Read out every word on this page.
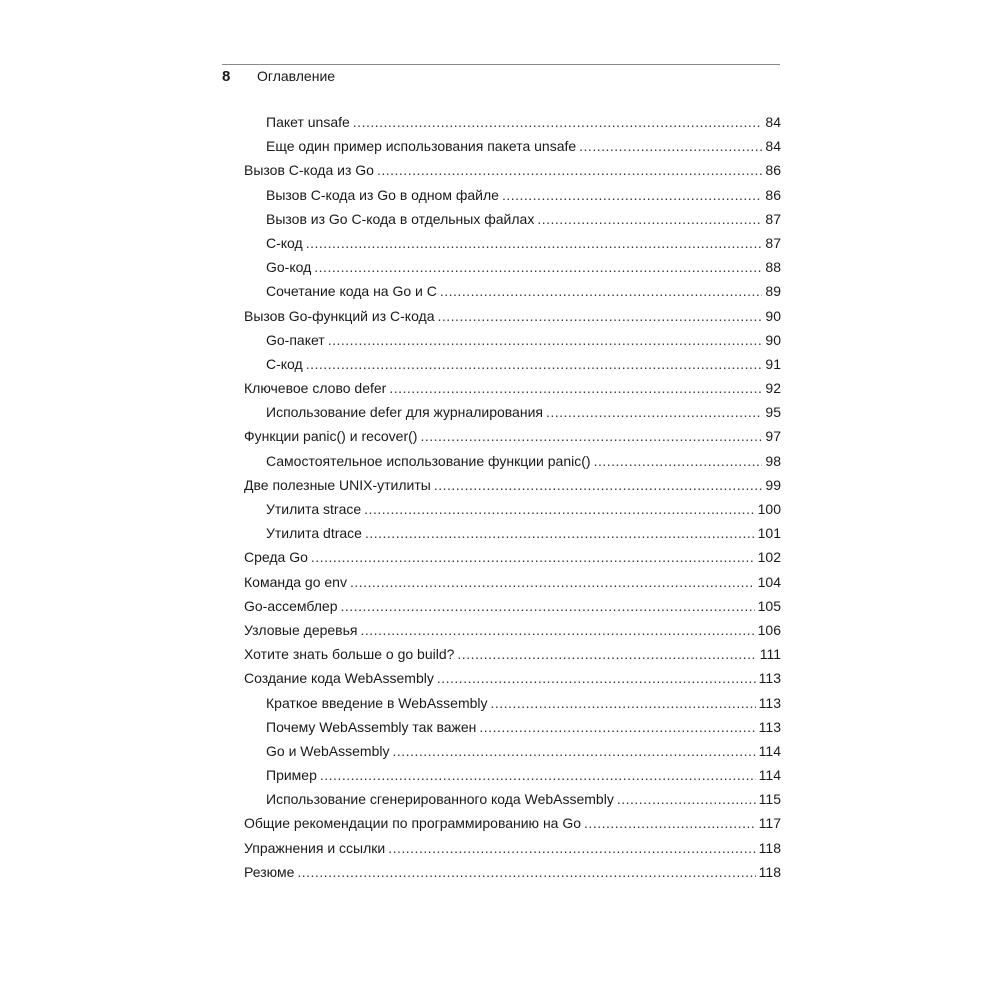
8 Оглавление
Пакет unsafe .....	84
Еще один пример использования пакета unsafe .....	84
Вызов C-кода из Go .....	86
Вызов C-кода из Go в одном файле .....	86
Вызов из Go C-кода в отдельных файлах .....	87
C-код .....	87
Go-код .....	88
Сочетание кода на Go и C .....	89
Вызов Go-функций из C-кода .....	90
Go-пакет .....	90
C-код .....	91
Ключевое слово defer .....	92
Использование defer для журналирования .....	95
Функции panic() и recover() .....	97
Самостоятельное использование функции panic() .....	98
Две полезные UNIX-утилиты .....	99
Утилита strace .....	100
Утилита dtrace .....	101
Среда Go .....	102
Команда go env .....	104
Go-ассемблер .....	105
Узловые деревья .....	106
Хотите знать больше о go build? .....	111
Создание кода WebAssembly .....	113
Краткое введение в WebAssembly .....	113
Почему WebAssembly так важен .....	113
Go и WebAssembly .....	114
Пример .....	114
Использование сгенерированного кода WebAssembly .....	115
Общие рекомендации по программированию на Go .....	117
Упражнения и ссылки .....	118
Резюме .....	118
